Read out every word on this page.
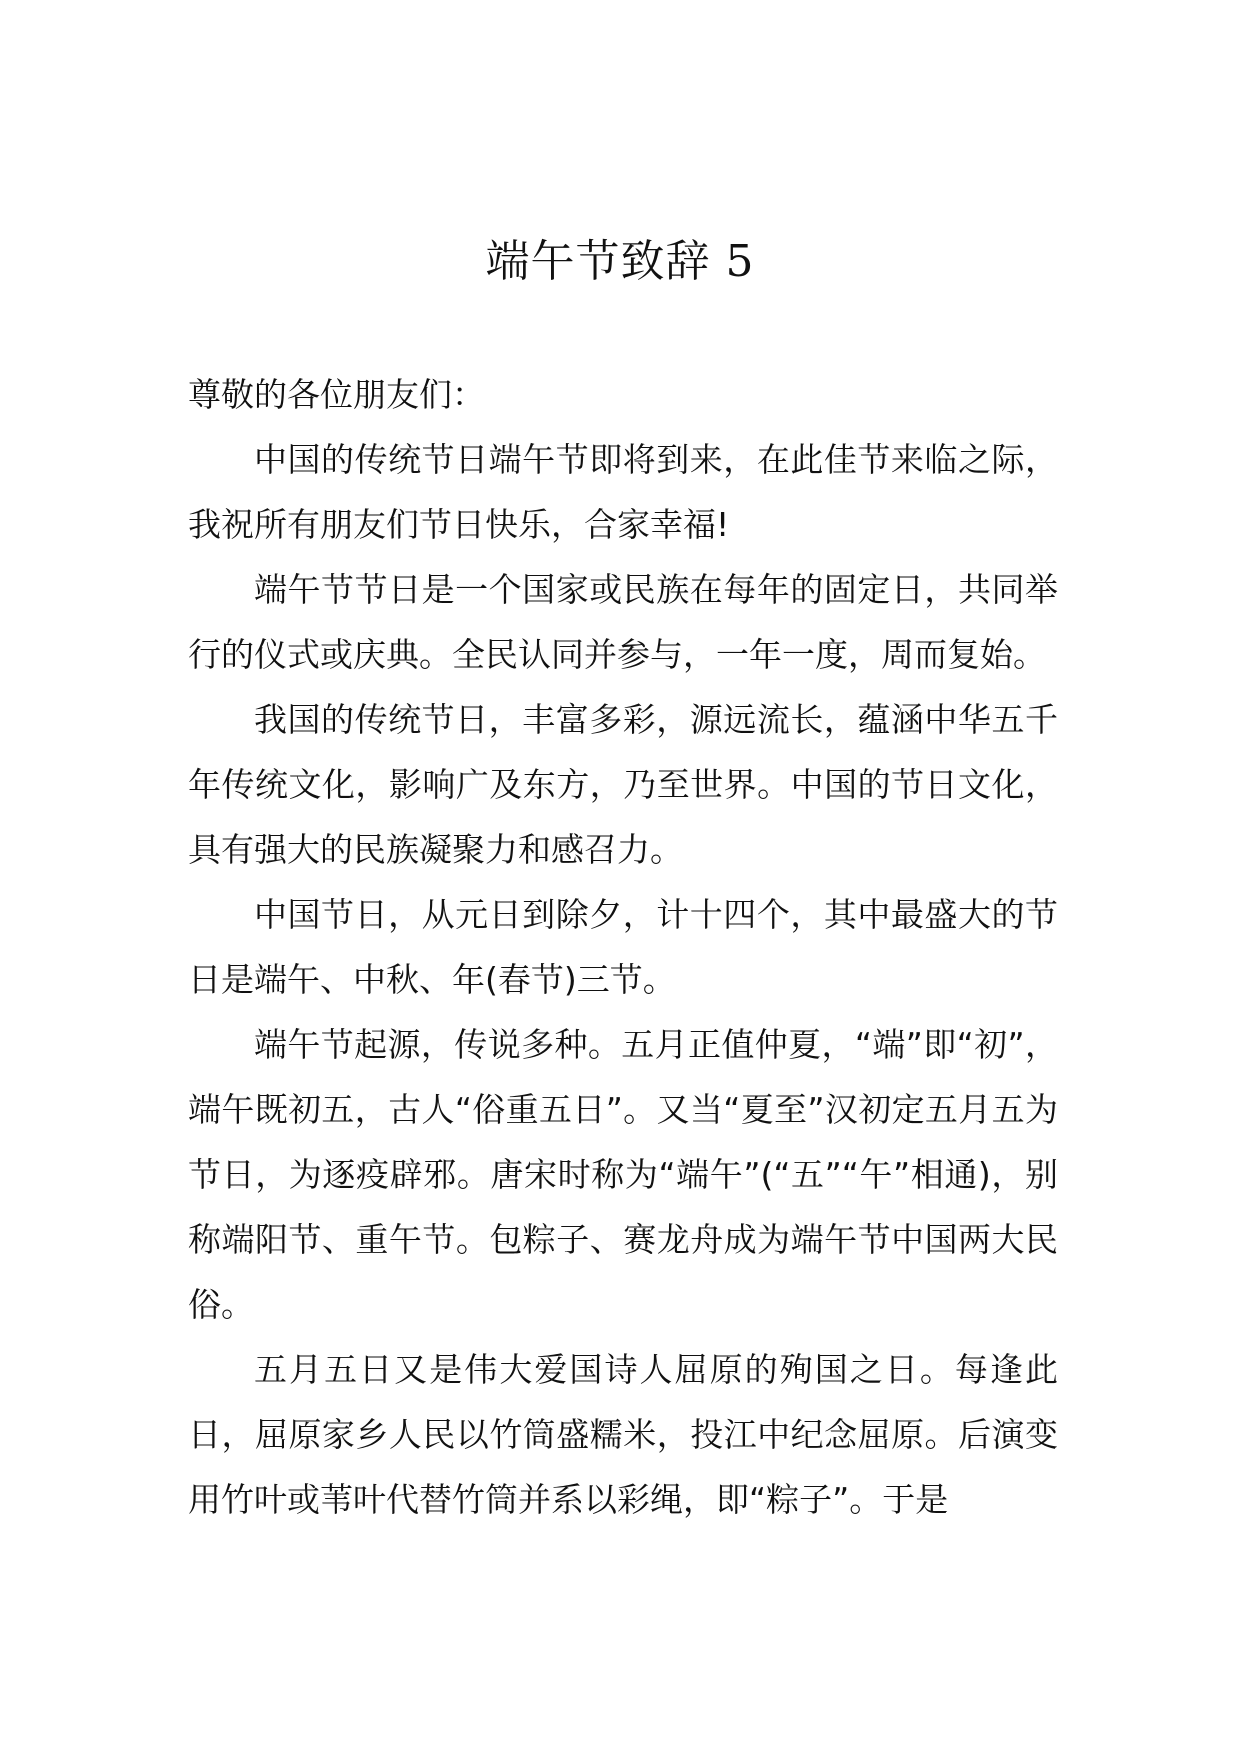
端午节致辞 5

尊敬的各位朋友们：

中国的传统节日端午节即将到来，在此佳节来临之际，我祝所有朋友们节日快乐，合家幸福!

端午节节日是一个国家或民族在每年的固定日，共同举行的仪式或庆典。全民认同并参与，一年一度，周而复始。

我国的传统节日，丰富多彩，源远流长，蕴涵中华五千年传统文化，影响广及东方，乃至世界。中国的节日文化，具有强大的民族凝聚力和感召力。

中国节日，从元日到除夕，计十四个，其中最盛大的节日是端午、中秋、年(春节)三节。

端午节起源，传说多种。五月正值仲夏，“端”即“初”，端午既初五，古人“俗重五日”。又当“夏至”汉初定五月五为节日，为逐疫辟邪。唐宋时称为“端午”(“五”“午”相通)，别称端阳节、重午节。包粽子、赛龙舟成为端午节中国两大民俗。

五月五日又是伟大爱国诗人屈原的殉国之日。每逢此日，屈原家乡人民以竹筒盛糯米，投江中纪念屈原。后演变用竹叶或苇叶代替竹筒并系以彩绳，即“粽子”。于是
